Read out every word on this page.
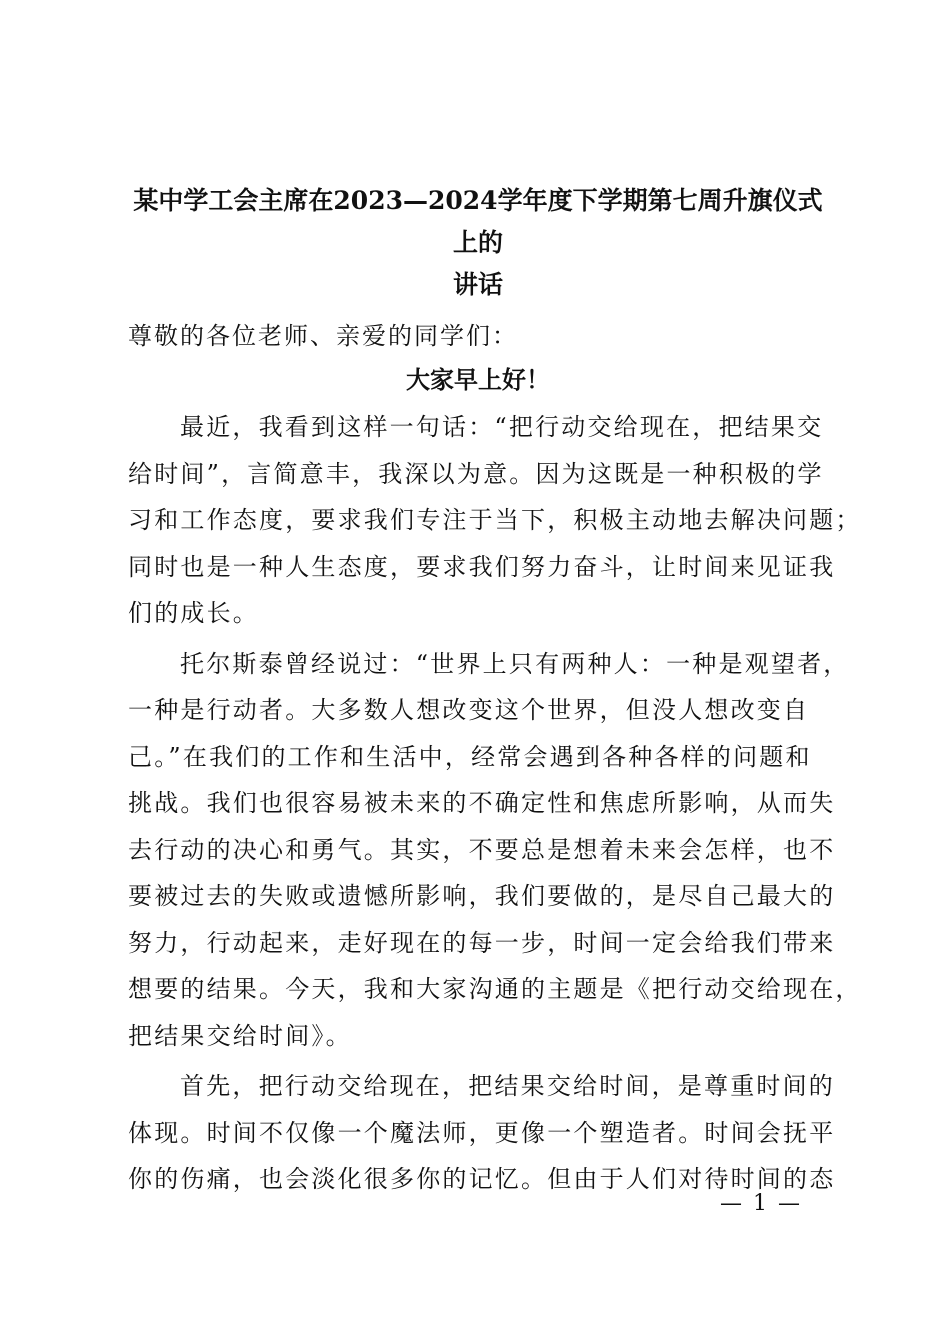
某中学工会主席在2023—2024学年度下学期第七周升旗仪式上的
讲话

尊敬的各位老师、亲爱的同学们：

大家早上好！

最近，我看到这样一句话：“把行动交给现在，把结果交
给时间”，言简意丰，我深以为意。因为这既是一种积极的学
习和工作态度，要求我们专注于当下，积极主动地去解决问题；
同时也是一种人生态度，要求我们努力奋斗，让时间来见证我
们的成长。
托尔斯泰曾经说过：“世界上只有两种人：一种是观望者，
一种是行动者。大多数人想改变这个世界，但没人想改变自
己。”在我们的工作和生活中，经常会遇到各种各样的问题和
挑战。我们也很容易被未来的不确定性和焦虑所影响，从而失
去行动的决心和勇气。其实，不要总是想着未来会怎样，也不
要被过去的失败或遗憾所影响，我们要做的，是尽自己最大的
努力，行动起来，走好现在的每一步，时间一定会给我们带来
想要的结果。今天，我和大家沟通的主题是《把行动交给现在，
把结果交给时间》。
首先，把行动交给现在，把结果交给时间，是尊重时间的
体现。时间不仅像一个魔法师，更像一个塑造者。时间会抚平
你的伤痛，也会淡化很多你的记忆。但由于人们对待时间的态
— 1 —
